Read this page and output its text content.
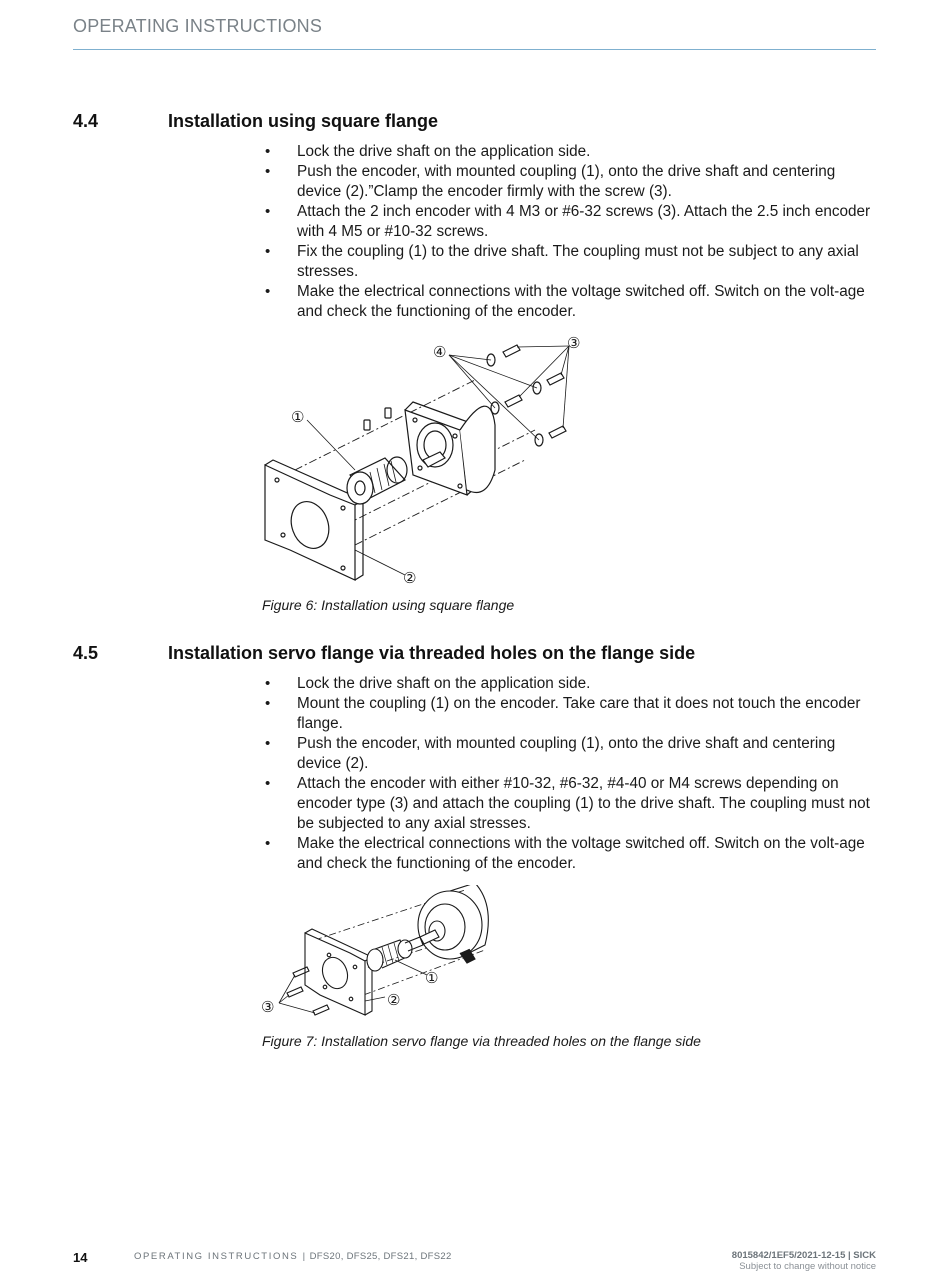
OPERATING INSTRUCTIONS
4.4	Installation using square flange
• Lock the drive shaft on the application side.
• Push the encoder, with mounted coupling (1), onto the drive shaft and centering device (2).”Clamp the encoder firmly with the screw (3).
• Attach the 2 inch encoder with 4 M3 or #6-32 screws (3). Attach the 2.5 inch encoder with 4 M5 or #10-32 screws.
• Fix the coupling (1) to the drive shaft. The coupling must not be subject to any axial stresses.
• Make the electrical connections with the voltage switched off. Switch on the volt-age and check the functioning of the encoder.
①
②
③
④
Figure 6: Installation using square flange
4.5	Installation servo flange via threaded holes on the flange side
• Lock the drive shaft on the application side.
• Mount the coupling (1) on the encoder. Take care that it does not touch the encoder flange.
• Push the encoder, with mounted coupling (1), onto the drive shaft and centering device (2).
• Attach the encoder with either #10-32, #6-32, #4-40 or M4 screws depending on encoder type (3) and attach the coupling (1) to the drive shaft. The coupling must not be subjected to any axial stresses.
• Make the electrical connections with the voltage switched off. Switch on the volt-age and check the functioning of the encoder.
①
②
③
Figure 7: Installation servo flange via threaded holes on the flange side
14	OPERATING INSTRUCTIONS | DFS20, DFS25, DFS21, DFS22	8015842/1EF5/2021-12-15 | SICK
Subject to change without notice
